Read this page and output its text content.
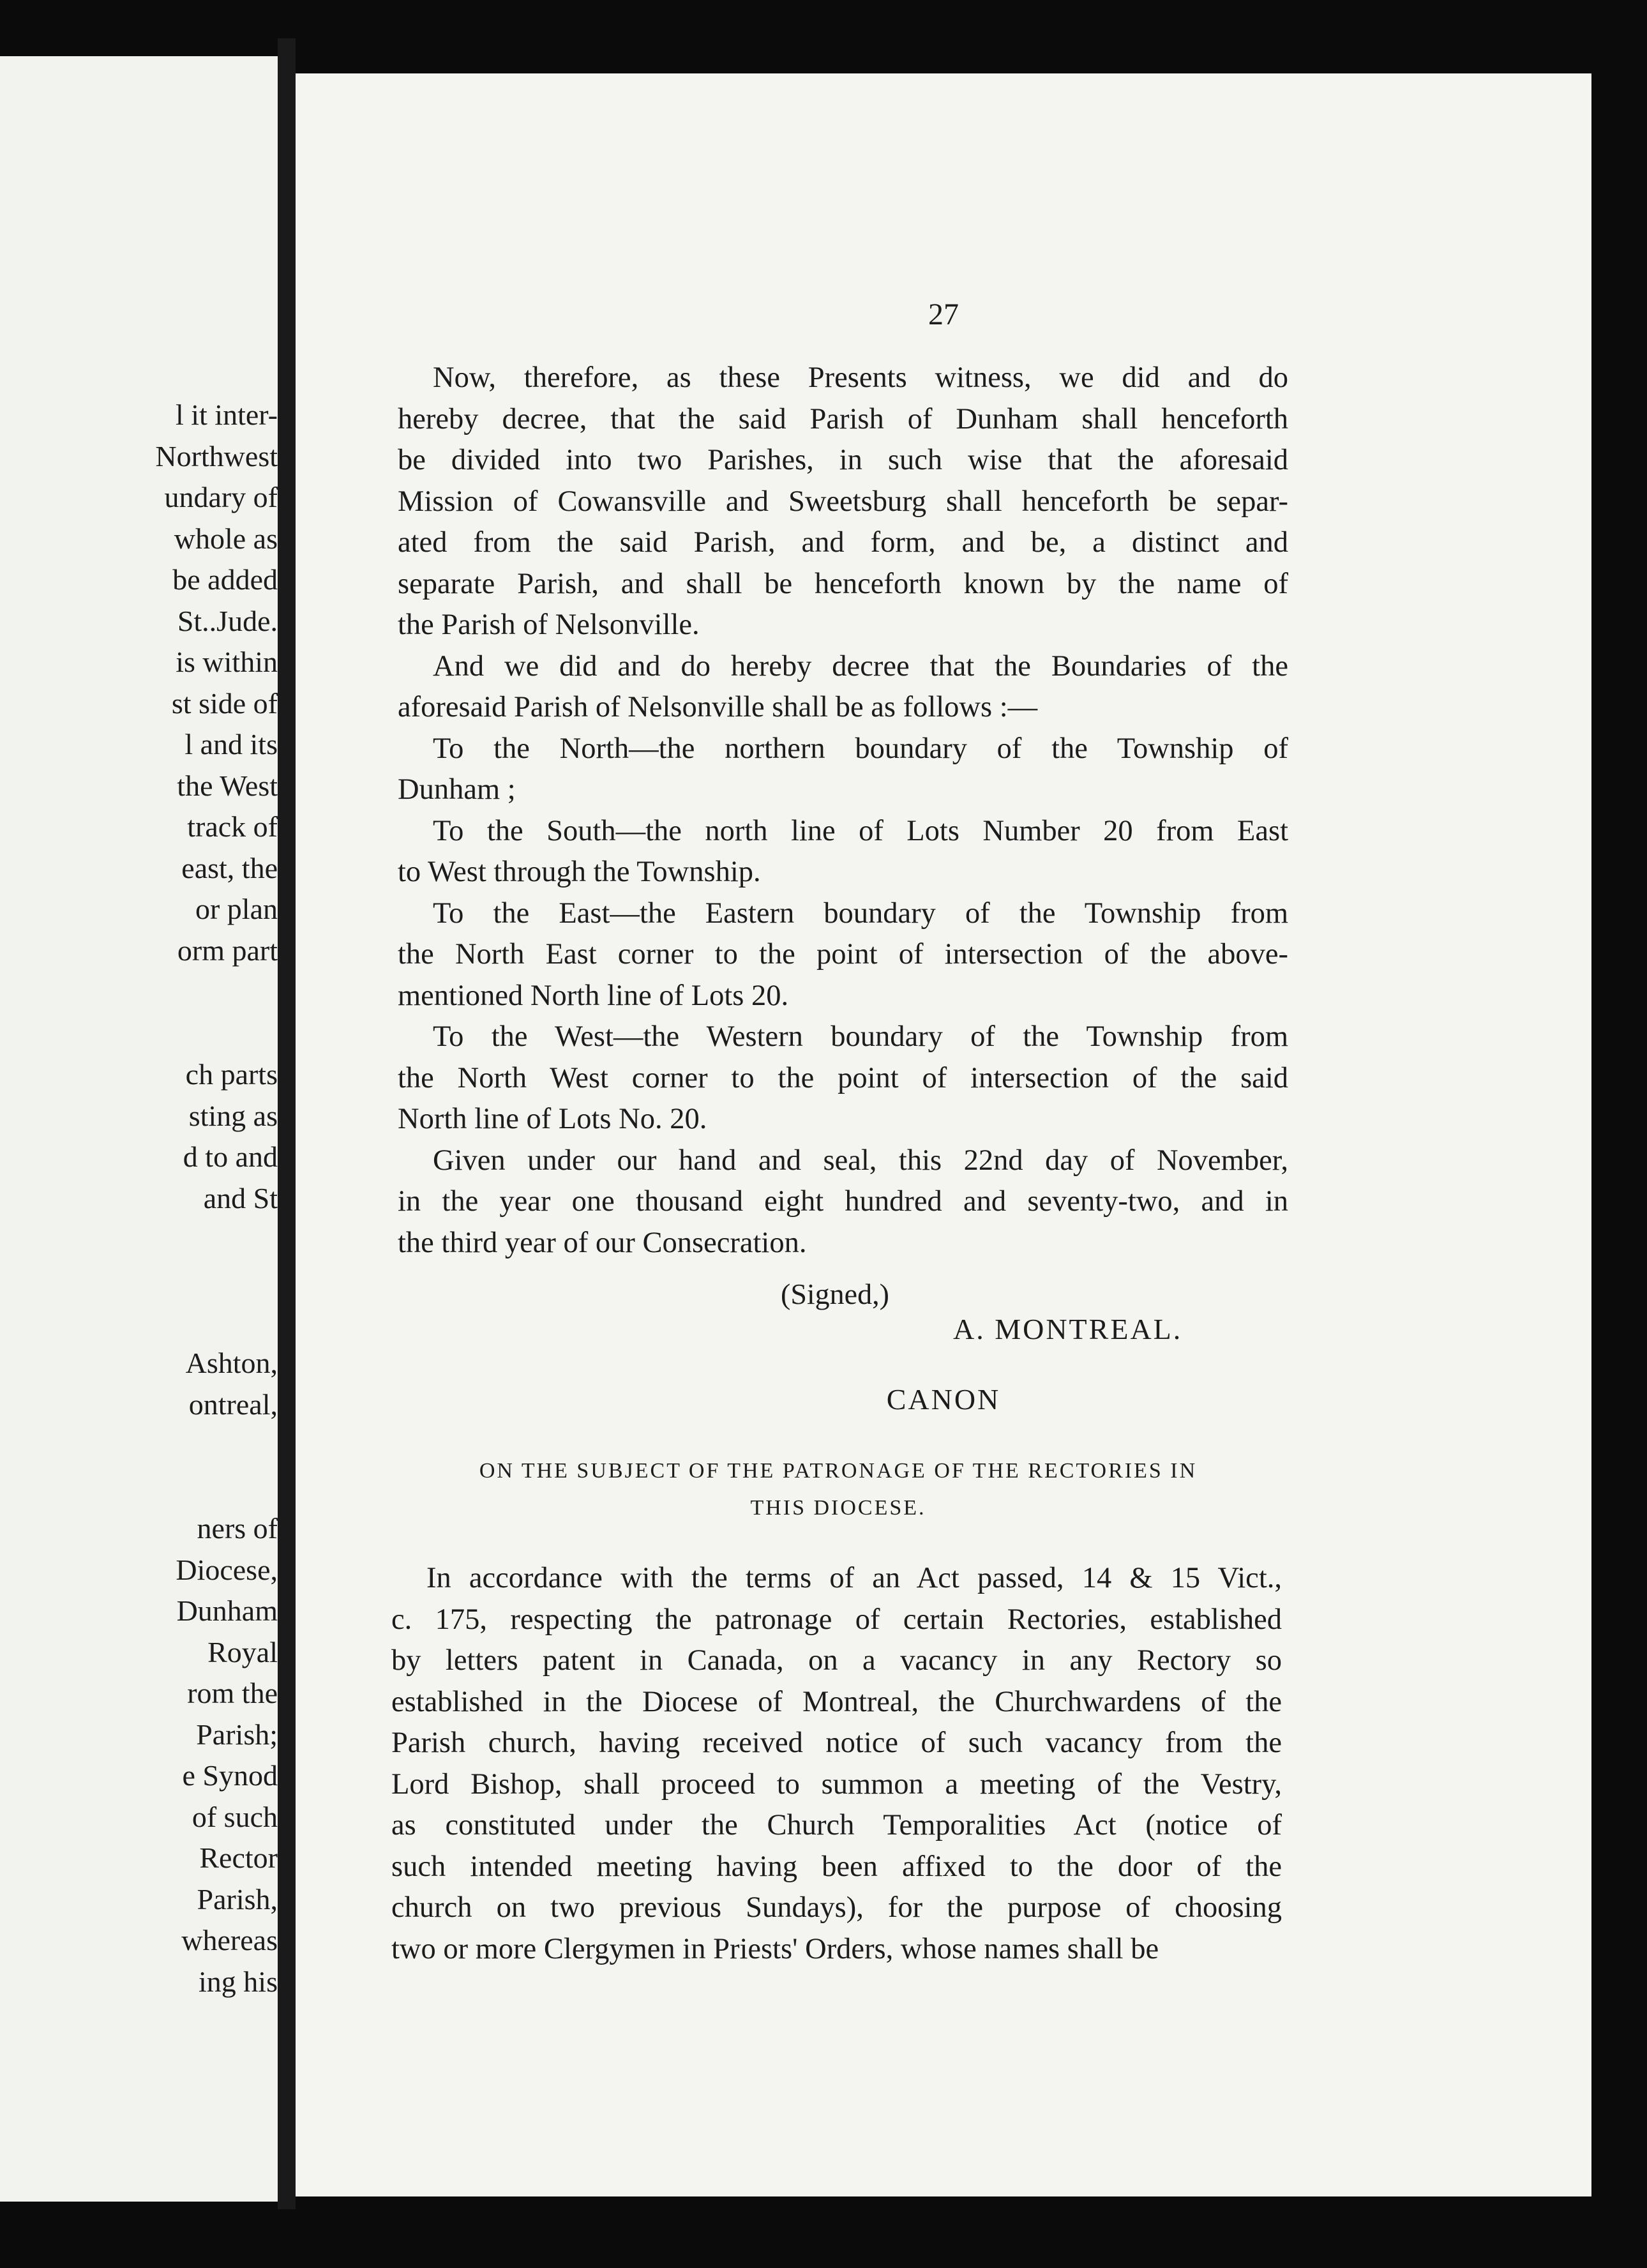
l it inter-
Northwest
undary of
whole as
be added
St..Jude.
is within
st side of
l and its
the West
track of
east, the
or plan
orm part
ch parts
sting as
d to and
and St
Ashton,
ontreal,
ners of
Diocese,
Dunham
Royal
rom the
Parish;
e Synod
of such
Rector
Parish,
whereas
ing his
27

Now, therefore, as these Presents witness, we did and do
hereby decree, that the said Parish of Dunham shall henceforth
be divided into two Parishes, in such wise that the aforesaid
Mission of Cowansville and Sweetsburg shall henceforth be separ-
ated from the said Parish, and form, and be, a distinct and
separate Parish, and shall be henceforth known by the name of
the Parish of Nelsonville.

And we did and do hereby decree that the Boundaries of the
aforesaid Parish of Nelsonville shall be as follows :—

To the North—the northern boundary of the Township of
Dunham ;

To the South—the north line of Lots Number 20 from East
to West through the Township.

To the East—the Eastern boundary of the Township from
the North East corner to the point of intersection of the above-
mentioned North line of Lots 20.

To the West—the Western boundary of the Township from
the North West corner to the point of intersection of the said
North line of Lots No. 20.

Given under our hand and seal, this 22nd day of November,
in the year one thousand eight hundred and seventy-two, and in
the third year of our Consecration.

(Signed,)
A. MONTREAL.
CANON
ON THE SUBJECT OF THE PATRONAGE OF THE RECTORIES IN
THIS DIOCESE.

In accordance with the terms of an Act passed, 14 & 15 Vict.,
c. 175, respecting the patronage of certain Rectories, established
by letters patent in Canada, on a vacancy in any Rectory so
established in the Diocese of Montreal, the Churchwardens of the
Parish church, having received notice of such vacancy from the
Lord Bishop, shall proceed to summon a meeting of the Vestry,
as constituted under the Church Temporalities Act (notice of
such intended meeting having been affixed to the door of the
church on two previous Sundays), for the purpose of choosing
two or more Clergymen in Priests' Orders, whose names shall be
